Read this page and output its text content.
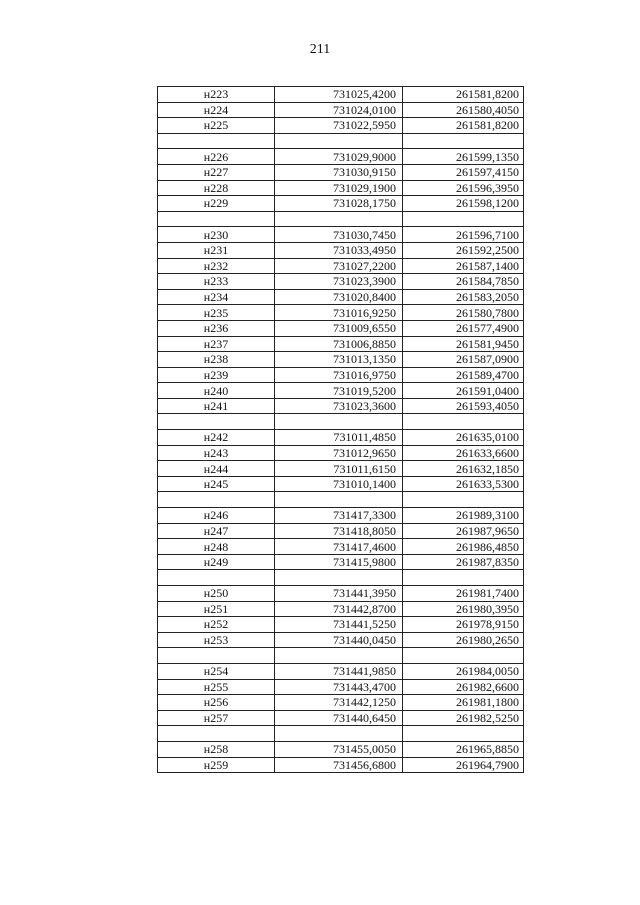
211
н223	731025,4200	261581,8200
н224	731024,0100	261580,4050
н225	731022,5950	261581,8200

н226	731029,9000	261599,1350
н227	731030,9150	261597,4150
н228	731029,1900	261596,3950
н229	731028,1750	261598,1200

н230	731030,7450	261596,7100
н231	731033,4950	261592,2500
н232	731027,2200	261587,1400
н233	731023,3900	261584,7850
н234	731020,8400	261583,2050
н235	731016,9250	261580,7800
н236	731009,6550	261577,4900
н237	731006,8850	261581,9450
н238	731013,1350	261587,0900
н239	731016,9750	261589,4700
н240	731019,5200	261591,0400
н241	731023,3600	261593,4050

н242	731011,4850	261635,0100
н243	731012,9650	261633,6600
н244	731011,6150	261632,1850
н245	731010,1400	261633,5300

н246	731417,3300	261989,3100
н247	731418,8050	261987,9650
н248	731417,4600	261986,4850
н249	731415,9800	261987,8350

н250	731441,3950	261981,7400
н251	731442,8700	261980,3950
н252	731441,5250	261978,9150
н253	731440,0450	261980,2650

н254	731441,9850	261984,0050
н255	731443,4700	261982,6600
н256	731442,1250	261981,1800
н257	731440,6450	261982,5250

н258	731455,0050	261965,8850
н259	731456,6800	261964,7900
